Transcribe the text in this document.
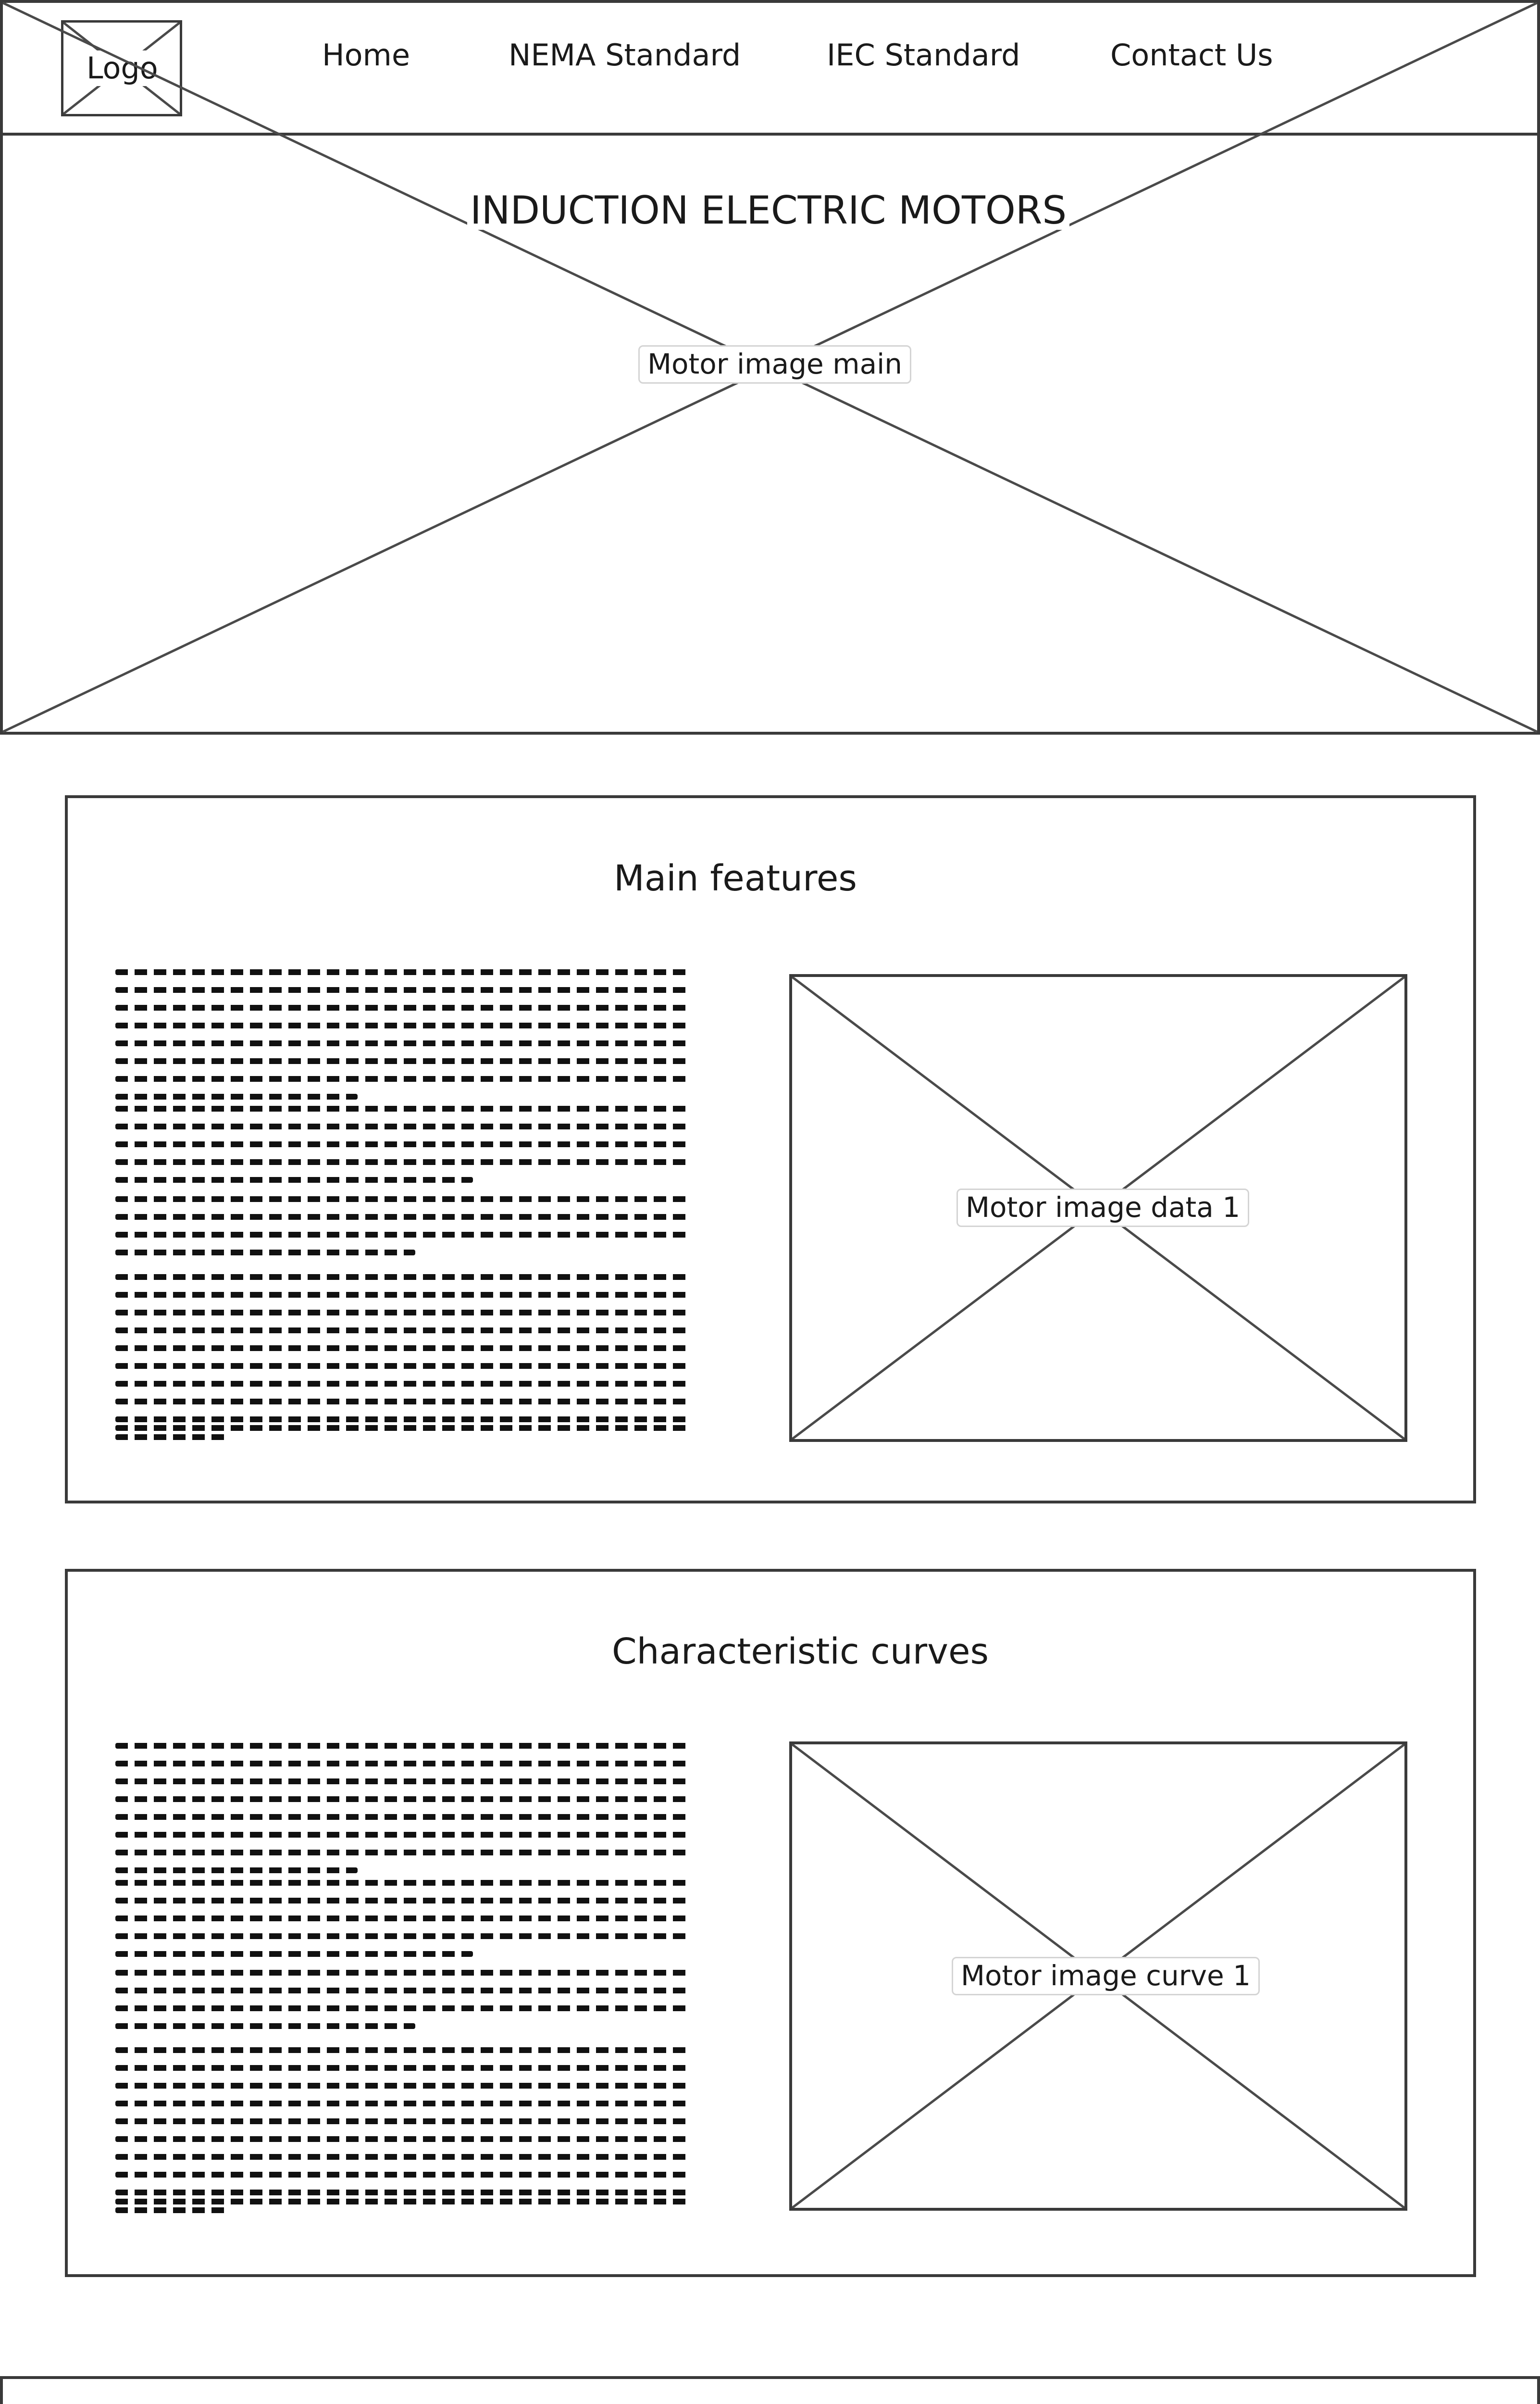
Logo	Home	NEMA Standard	IEC Standard	Contact Us
INDUCTION ELECTRIC MOTORS
Motor image main
Main features
Motor image data 1
Characteristic curves
Motor image curve 1
